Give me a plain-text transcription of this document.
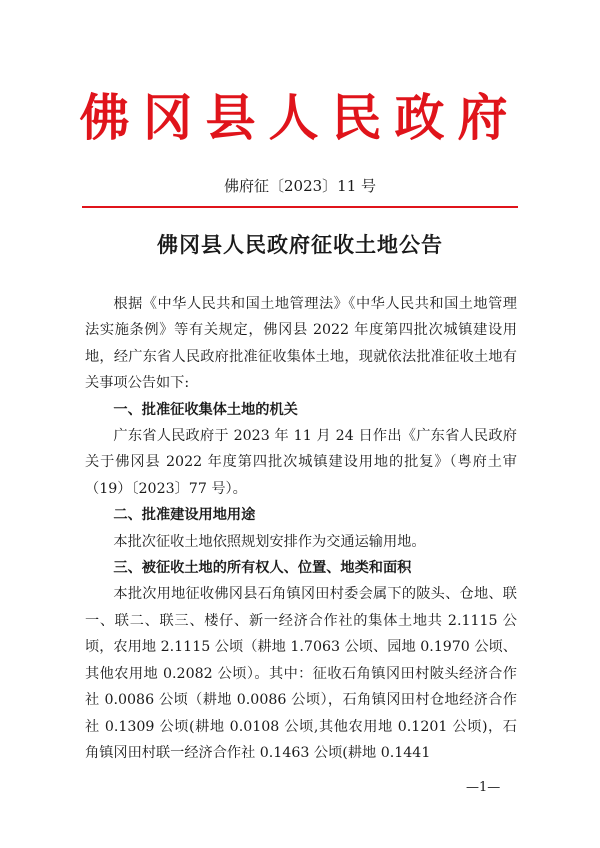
佛冈县人民政府
佛府征〔2023〕11 号
佛冈县人民政府征收土地公告

根据《中华人民共和国土地管理法》《中华人民共和国土地管理法实施条例》等有关规定，佛冈县 2022 年度第四批次城镇建设用地，经广东省人民政府批准征收集体土地，现就依法批准征收土地有关事项公告如下:

一、批准征收集体土地的机关

广东省人民政府于 2023 年 11 月 24 日作出《广东省人民政府关于佛冈县 2022 年度第四批次城镇建设用地的批复》（粤府土审（19）〔2023〕77 号）。

二、批准建设用地用途

本批次征收土地依照规划安排作为交通运输用地。

三、被征收土地的所有权人、位置、地类和面积

本批次用地征收佛冈县石角镇冈田村委会属下的陂头、仓地、联一、联二、联三、楼仔、新一经济合作社的集体土地共 2.1115 公顷，农用地 2.1115 公顷（耕地 1.7063 公顷、园地 0.1970 公顷、其他农用地 0.2082 公顷）。其中：征收石角镇冈田村陂头经济合作社 0.0086 公顷（耕地 0.0086 公顷），石角镇冈田村仓地经济合作社 0.1309 公顷(耕地 0.0108 公顷,其他农用地 0.1201 公顷)，石角镇冈田村联一经济合作社 0.1463 公顷(耕地 0.1441

—1—
